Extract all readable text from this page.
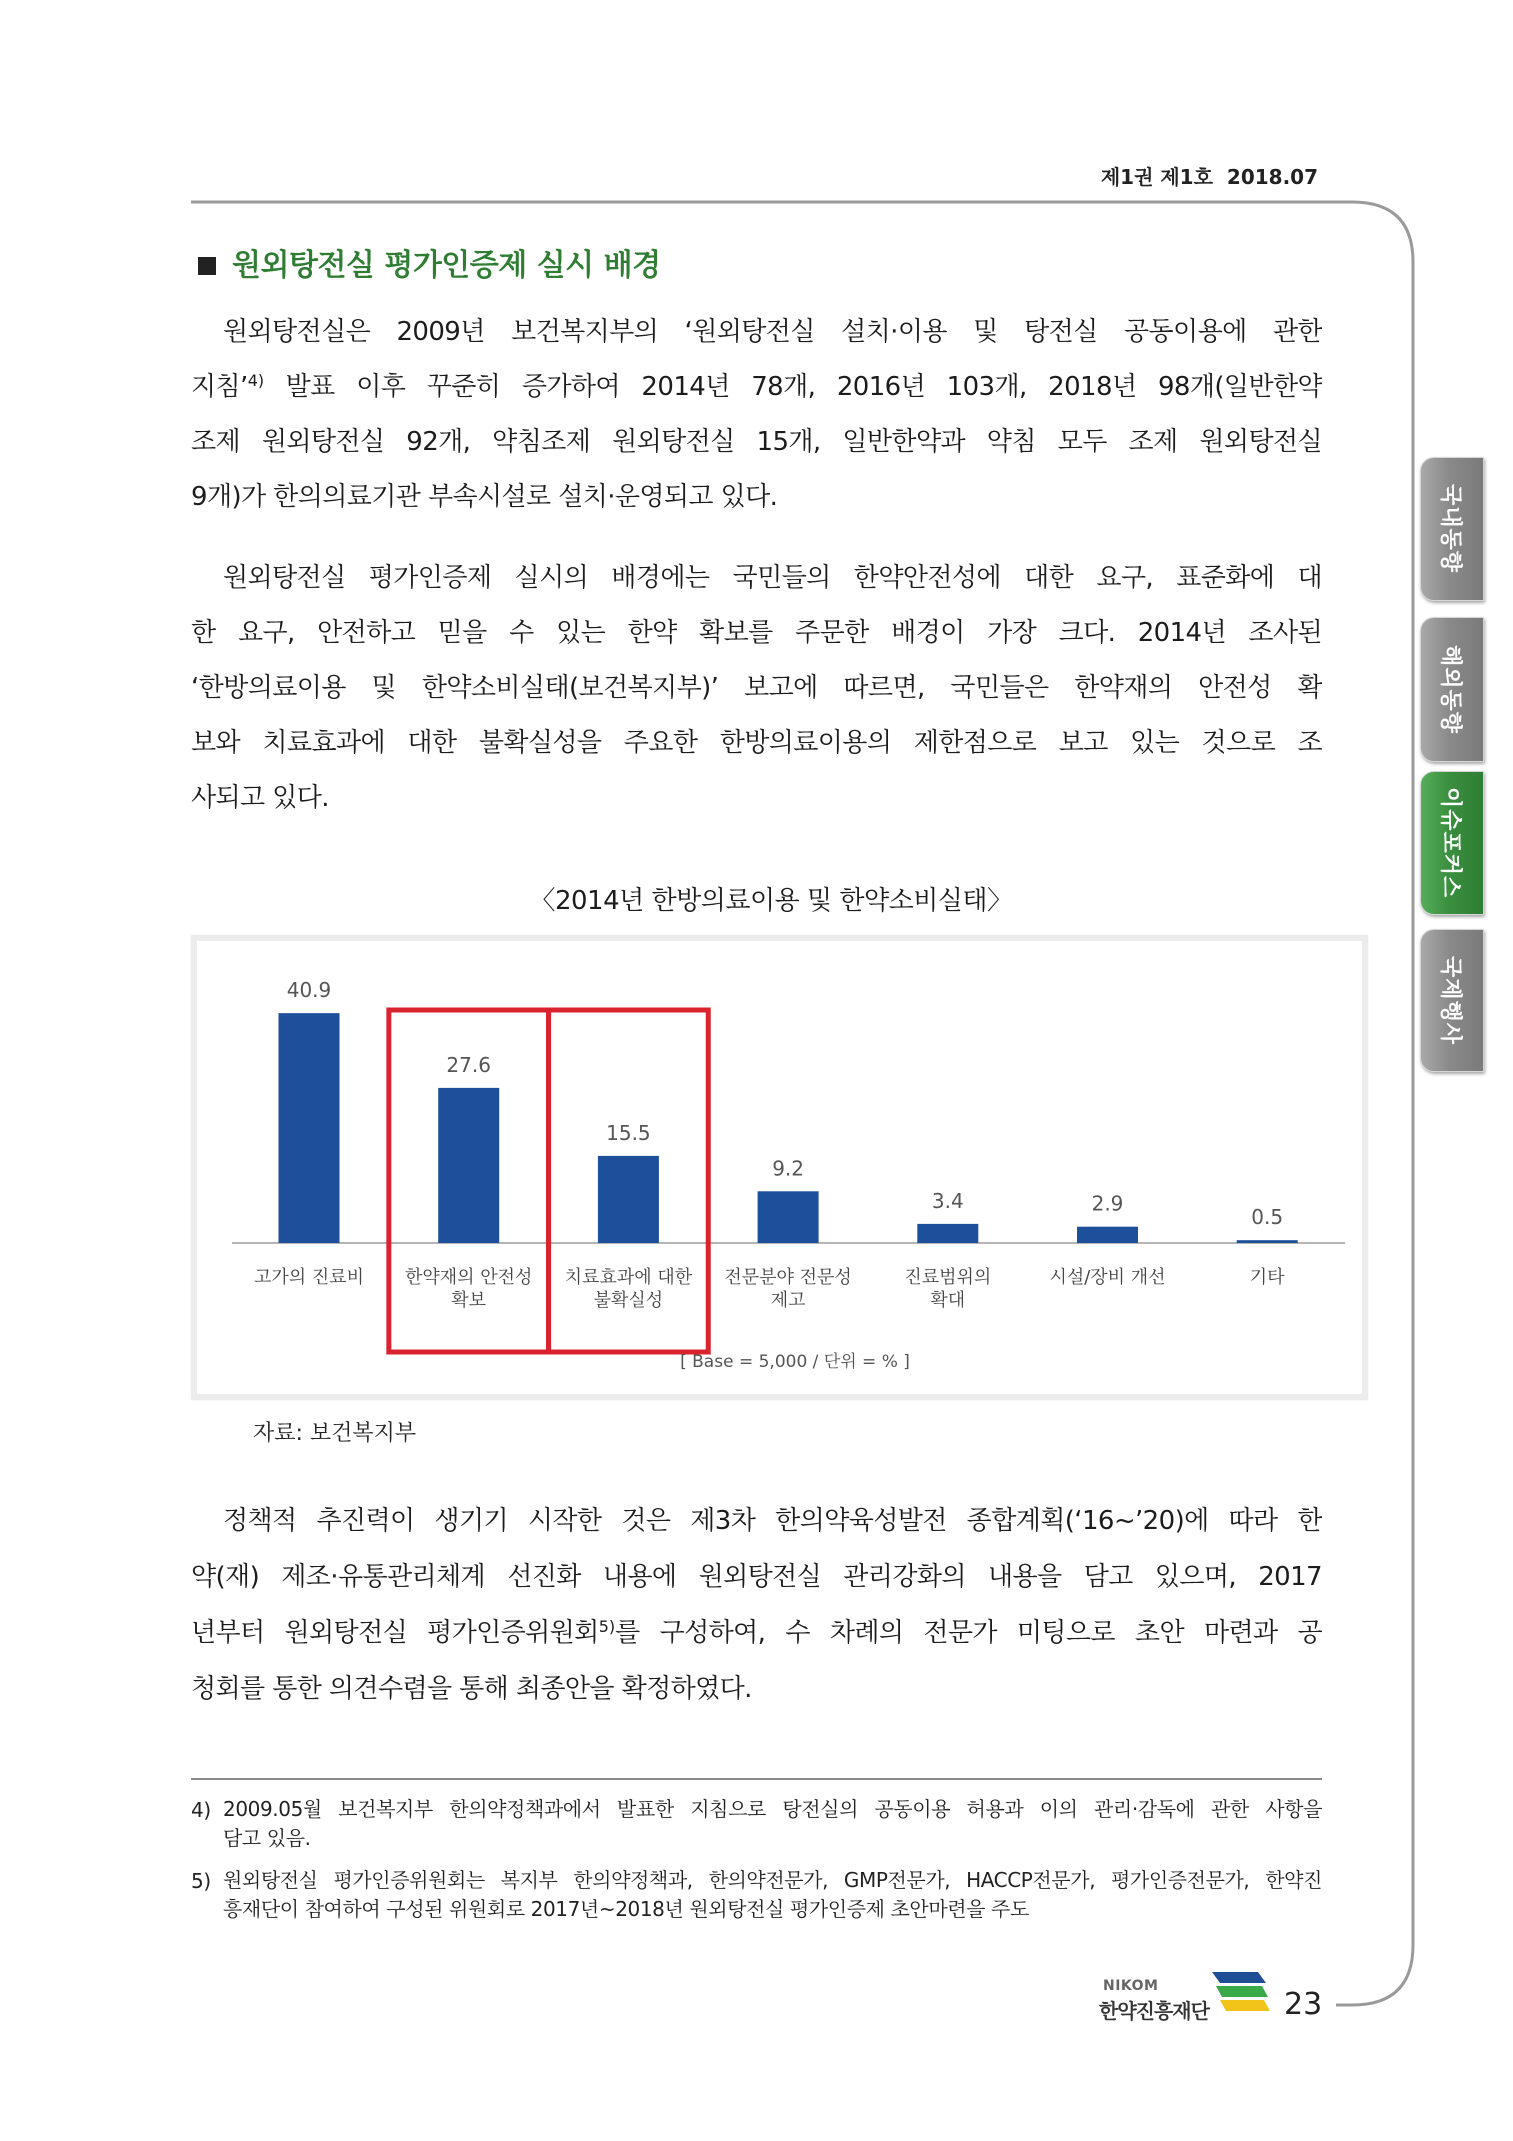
제1권 제1호 2018.07
국내동향
해외동향
이슈포커스
국제행사
원외탕전실 평가인증제 실시 배경
원외탕전실은 2009년 보건복지부의 ‘원외탕전실 설치·이용 및 탕전실 공동이용에 관한
지침’$^{4)}$ 발표 이후 꾸준히 증가하여 2014년 78개, 2016년 103개, 2018년 98개(일반한약
조제 원외탕전실 92개, 약침조제 원외탕전실 15개, 일반한약과 약침 모두 조제 원외탕전실
9개)가 한의의료기관 부속시설로 설치·운영되고 있다.
원외탕전실 평가인증제 실시의 배경에는 국민들의 한약안전성에 대한 요구, 표준화에 대
한 요구, 안전하고 믿을 수 있는 한약 확보를 주문한 배경이 가장 크다. 2014년 조사된
‘한방의료이용 및 한약소비실태(보건복지부)’ 보고에 따르면, 국민들은 한약재의 안전성 확
보와 치료효과에 대한 불확실성을 주요한 한방의료이용의 제한점으로 보고 있는 것으로 조
사되고 있다.
〈2014년 한방의료이용 및 한약소비실태〉
40.9
고가의 진료비
27.6
한약재의 안전성 확보
15.5
치료효과에 대한 불확실성
9.2
전문분야 전문성 제고
3.4
진료범위의 확대
2.9
시설/장비 개선
0.5
기타
[ Base = 5,000 / 단위 = % ]
자료: 보건복지부
정책적 추진력이 생기기 시작한 것은 제3차 한의약육성발전 종합계획(‘16~’20)에 따라 한
약(재) 제조·유통관리체계 선진화 내용에 원외탕전실 관리강화의 내용을 담고 있으며, 2017
년부터 원외탕전실 평가인증위원회$^{5)}$를 구성하여, 수 차례의 전문가 미팅으로 초안 마련과 공
청회를 통한 의견수렴을 통해 최종안을 확정하였다.
4) 2009.05월 보건복지부 한의약정책과에서 발표한 지침으로 탕전실의 공동이용 허용과 이의 관리·감독에 관한 사항을
담고 있음.
5) 원외탕전실 평가인증위원회는 복지부 한의약정책과, 한의약전문가, GMP전문가, HACCP전문가, 평가인증전문가, 한약진
흥재단이 참여하여 구성된 위원회로 2017년~2018년 원외탕전실 평가인증제 초안마련을 주도
NIKOM
한약진흥재단	23
